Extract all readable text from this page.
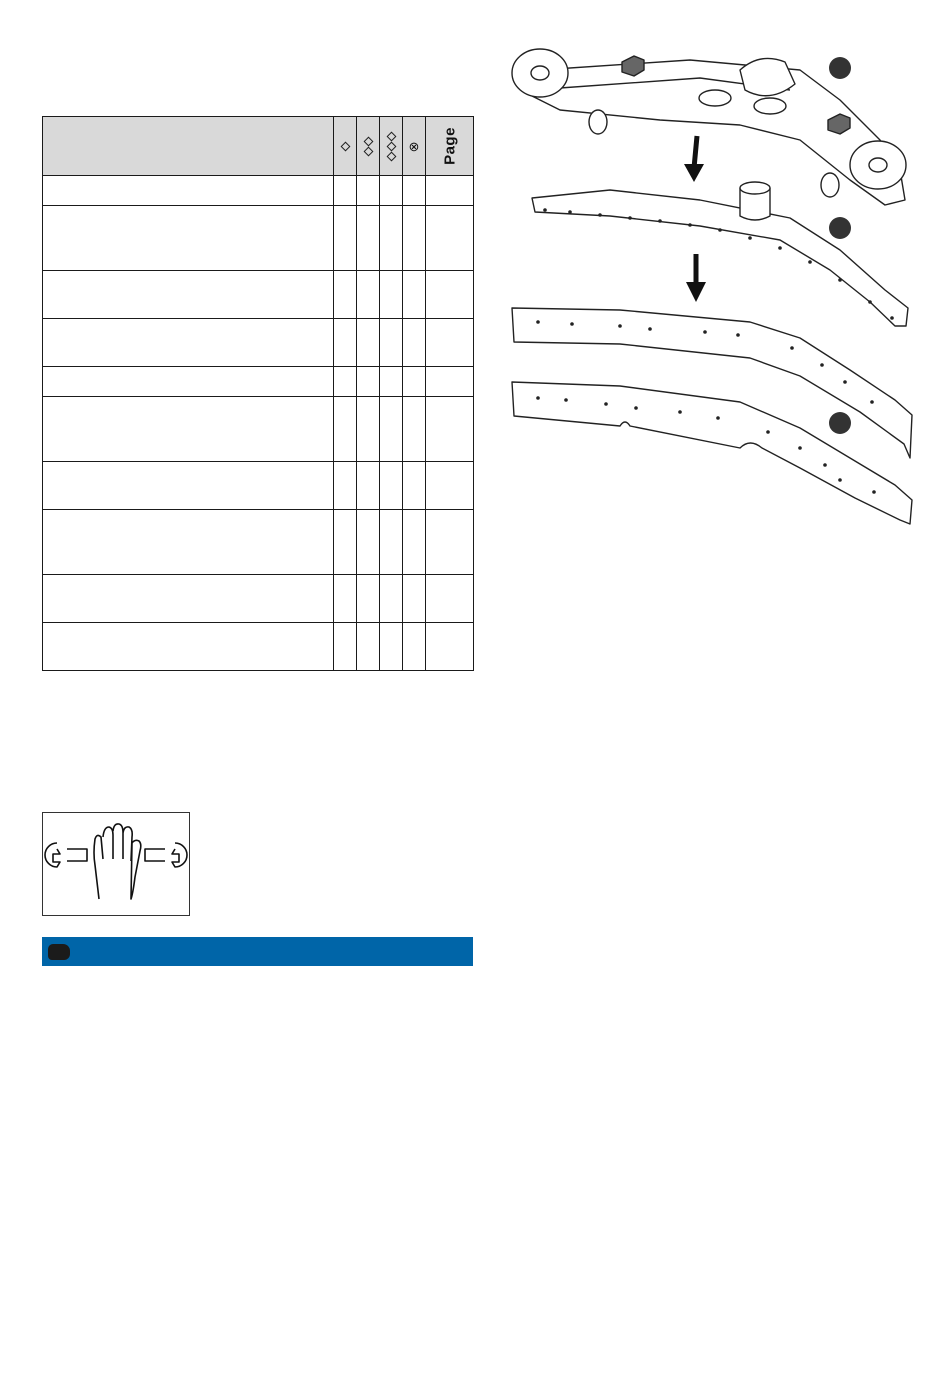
				⊗	Page
